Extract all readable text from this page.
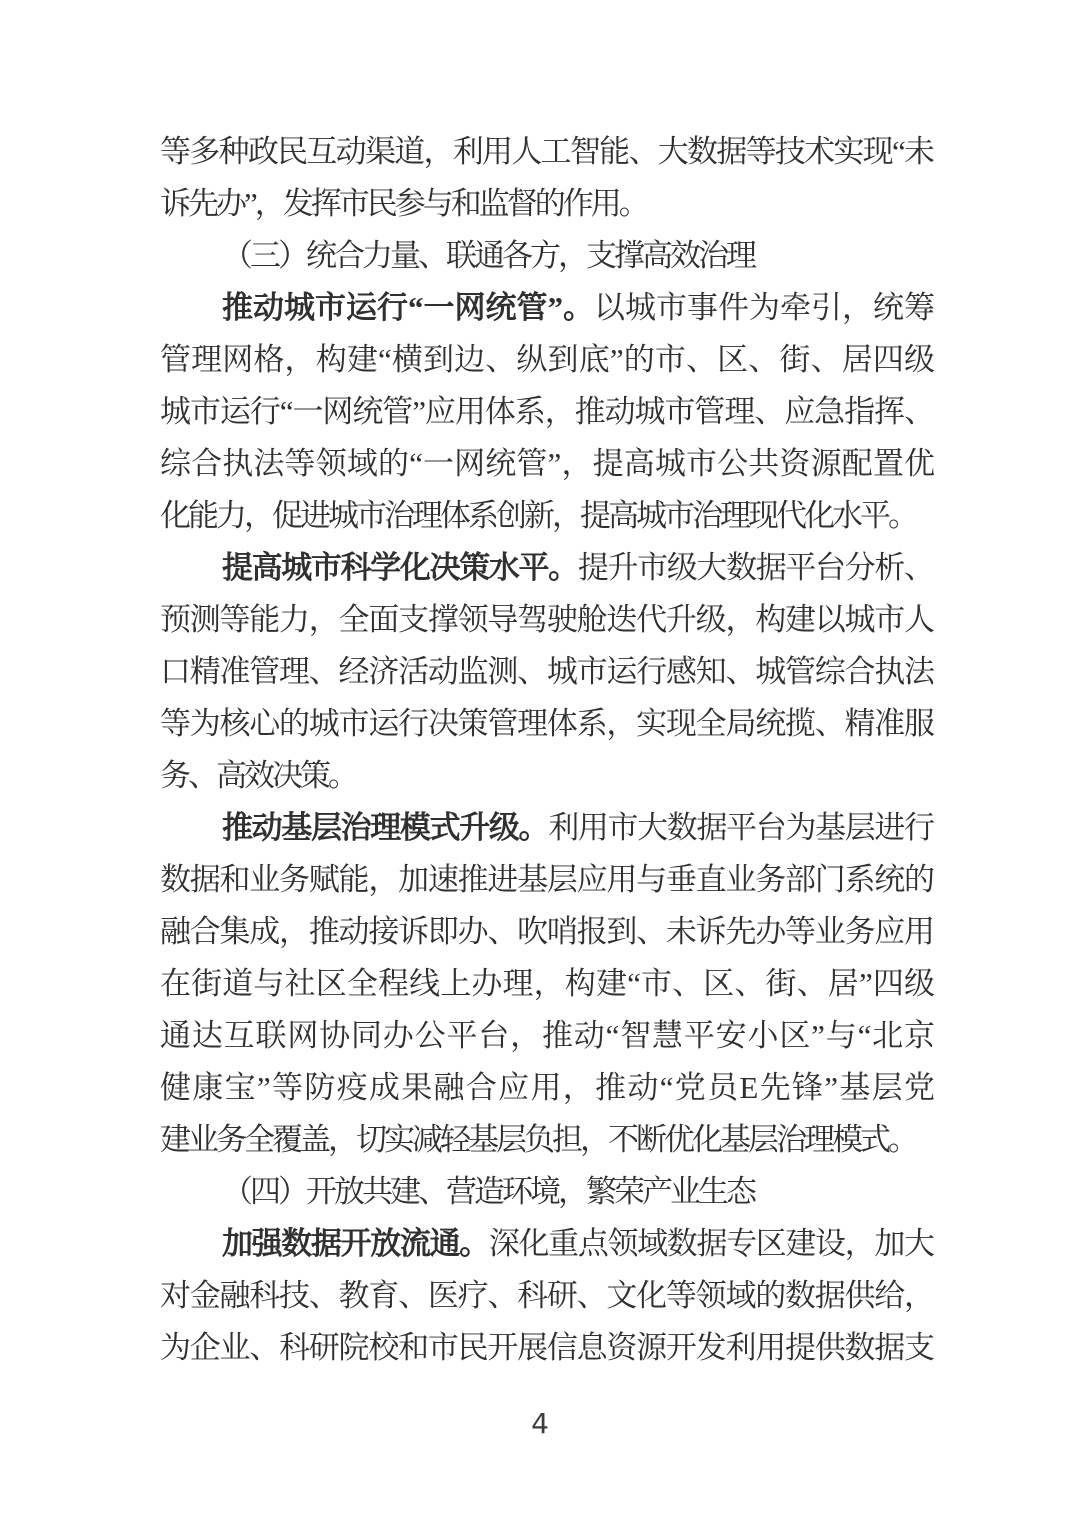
等多种政民互动渠道，利用人工智能、大数据等技术实现“未
诉先办”，发挥市民参与和监督的作用。
（三）统合力量、联通各方，支撑高效治理
推动城市运行“一网统管”。以城市事件为牵引，统筹
管理网格，构建“横到边、纵到底”的市、区、街、居四级
城市运行“一网统管”应用体系，推动城市管理、应急指挥、
综合执法等领域的“一网统管”，提高城市公共资源配置优
化能力，促进城市治理体系创新，提高城市治理现代化水平。
提高城市科学化决策水平。提升市级大数据平台分析、
预测等能力，全面支撑领导驾驶舱迭代升级，构建以城市人
口精准管理、经济活动监测、城市运行感知、城管综合执法
等为核心的城市运行决策管理体系，实现全局统揽、精准服
务、高效决策。
推动基层治理模式升级。利用市大数据平台为基层进行
数据和业务赋能，加速推进基层应用与垂直业务部门系统的
融合集成，推动接诉即办、吹哨报到、未诉先办等业务应用
在街道与社区全程线上办理，构建“市、区、街、居”四级
通达互联网协同办公平台，推动“智慧平安小区”与“北京
健康宝”等防疫成果融合应用，推动“党员E先锋”基层党
建业务全覆盖，切实减轻基层负担，不断优化基层治理模式。
（四）开放共建、营造环境，繁荣产业生态
加强数据开放流通。深化重点领域数据专区建设，加大
对金融科技、教育、医疗、科研、文化等领域的数据供给，
为企业、科研院校和市民开展信息资源开发利用提供数据支
4
